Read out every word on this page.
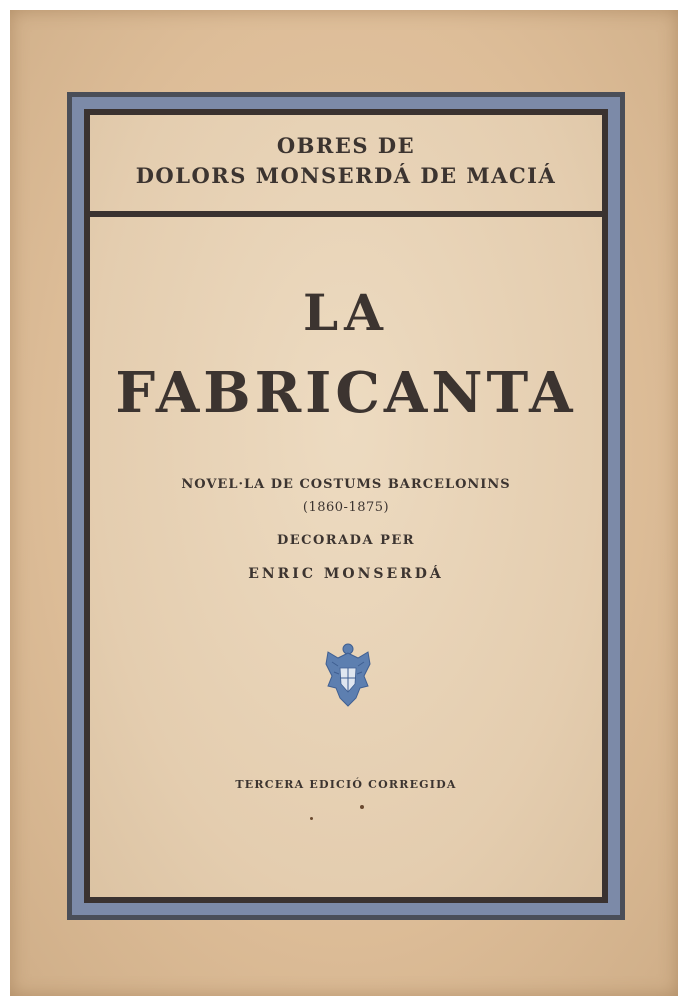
OBRES DE
DOLORS MONSERDÁ DE MACIÁ
LA
FABRICANTA
NOVEL·LA DE COSTUMS BARCELONINS
(1860-1875)
DECORADA PER
ENRIC MONSERDÁ
TERCERA EDICIÓ CORREGIDA
